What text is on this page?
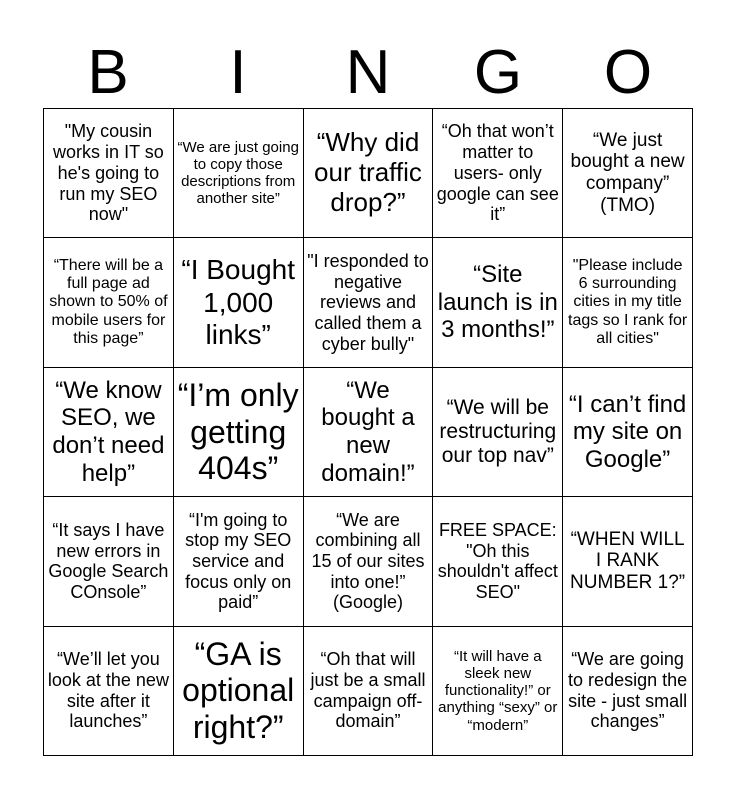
B	I	N	G	O
"My cousin works in IT so he's going to run my SEO now"
“We are just going to copy those descriptions from another site”
“Why did our traffic drop?”
“Oh that won’t matter to users- only google can see it”
“We just bought a new company” (TMO)
“There will be a full page ad shown to 50% of mobile users for this page”
“I Bought 1,000 links”
"I responded to negative reviews and called them a cyber bully"
“Site launch is in 3 months!”
"Please include 6 surrounding cities in my title tags so I rank for all cities"
“We know SEO, we don’t need help”
“I’m only getting 404s”
“We bought a new domain!”
“We will be restructuring our top nav”
“I can’t find my site on Google”
“It says I have new errors in Google Search COnsole”
“I'm going to stop my SEO service and focus only on paid”
“We are combining all 15 of our sites into one!” (Google)
FREE SPACE: "Oh this shouldn't affect SEO"
“WHEN WILL I RANK NUMBER 1?”
“We’ll let you look at the new site after it launches”
“GA is optional right?”
“Oh that will just be a small campaign off-domain”
“It will have a sleek new functionality!” or anything “sexy” or “modern”
“We are going to redesign the site - just small changes”
